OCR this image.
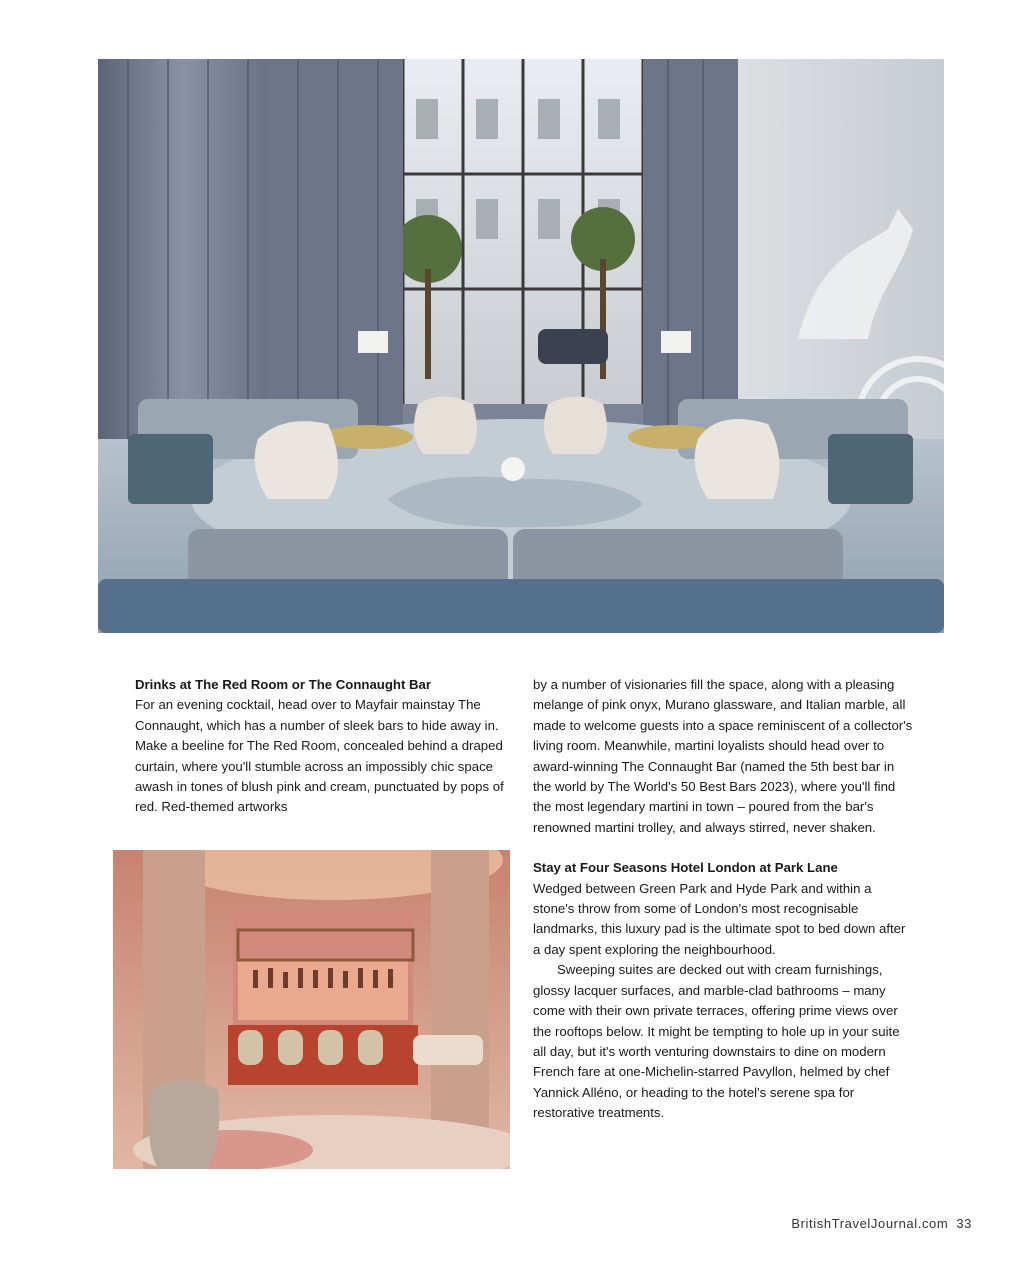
Drinks at The Red Room or The Connaught Bar

For an evening cocktail, head over to Mayfair mainstay The Connaught, which has a number of sleek bars to hide away in. Make a beeline for The Red Room, concealed behind a draped curtain, where you'll stumble across an impossibly chic space awash in tones of blush pink and cream, punctuated by pops of red. Red-themed artworks

by a number of visionaries fill the space, along with a pleasing melange of pink onyx, Murano glassware, and Italian marble, all made to welcome guests into a space reminiscent of a collector's living room. Meanwhile, martini loyalists should head over to award-winning The Connaught Bar (named the 5th best bar in the world by The World's 50 Best Bars 2023), where you'll find the most legendary martini in town – poured from the bar's renowned martini trolley, and always stirred, never shaken.

Stay at Four Seasons Hotel London at Park Lane

Wedged between Green Park and Hyde Park and within a stone's throw from some of London's most recognisable landmarks, this luxury pad is the ultimate spot to bed down after a day spent exploring the neighbourhood.

Sweeping suites are decked out with cream furnishings, glossy lacquer surfaces, and marble-clad bathrooms – many come with their own private terraces, offering prime views over the rooftops below. It might be tempting to hole up in your suite all day, but it's worth venturing downstairs to dine on modern French fare at one-Michelin-starred Pavyllon, helmed by chef Yannick Alléno, or heading to the hotel's serene spa for restorative treatments.

BritishTravelJournal.com 33
